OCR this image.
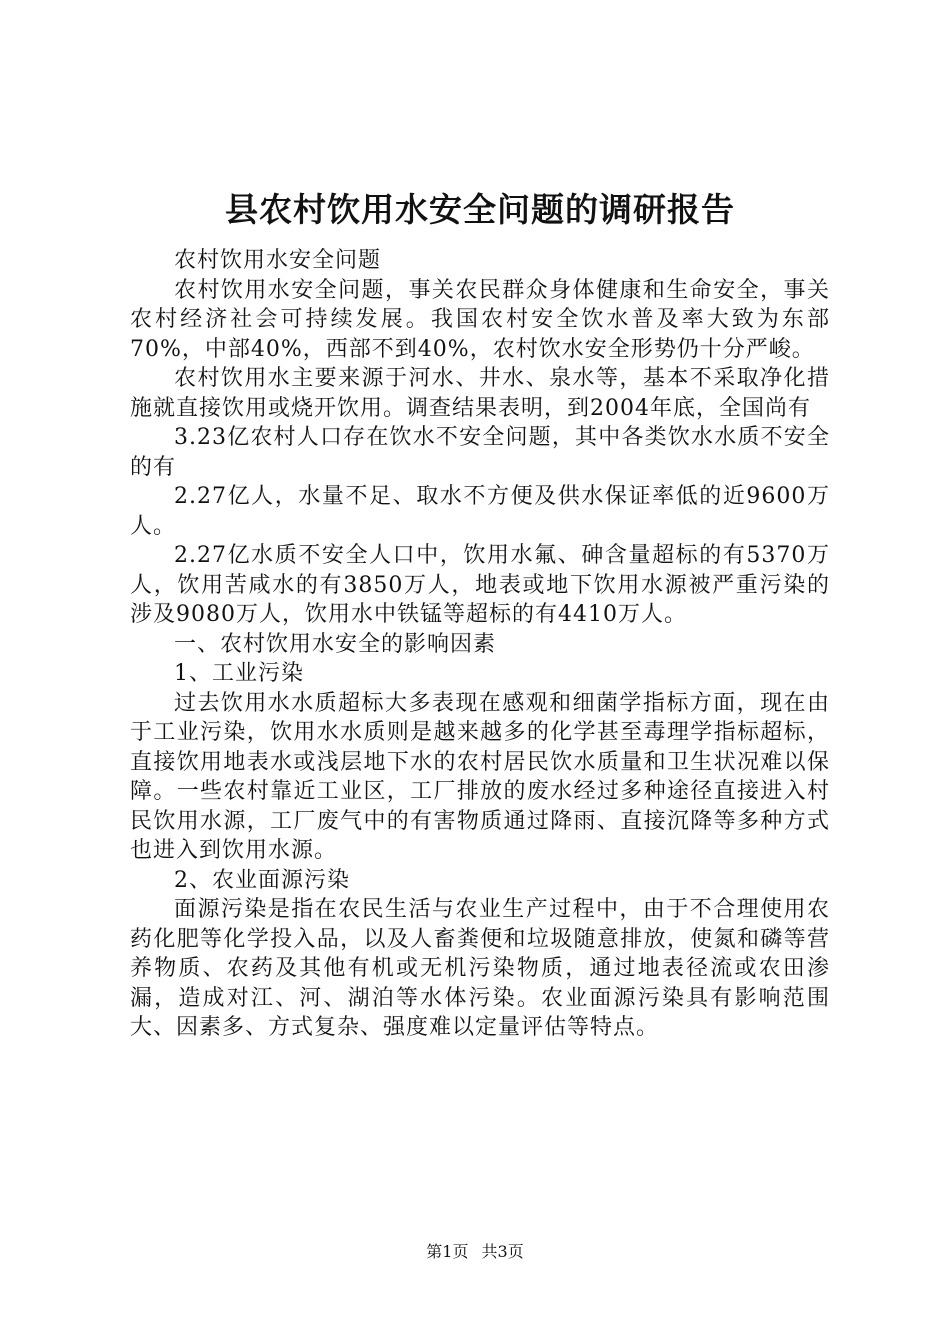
县农村饮用水安全问题的调研报告

农村饮用水安全问题

农村饮用水安全问题，事关农民群众身体健康和生命安全，事关农村经济社会可持续发展。我国农村安全饮水普及率大致为东部70%，中部40%，西部不到40%，农村饮水安全形势仍十分严峻。

农村饮用水主要来源于河水、井水、泉水等，基本不采取净化措施就直接饮用或烧开饮用。调查结果表明，到2004年底，全国尚有

3.23亿农村人口存在饮水不安全问题，其中各类饮水水质不安全的有

2.27亿人，水量不足、取水不方便及供水保证率低的近9600万人。

2.27亿水质不安全人口中，饮用水氟、砷含量超标的有5370万人，饮用苦咸水的有3850万人，地表或地下饮用水源被严重污染的涉及9080万人，饮用水中铁锰等超标的有4410万人。

一、农村饮用水安全的影响因素

1、工业污染

过去饮用水水质超标大多表现在感观和细菌学指标方面，现在由于工业污染，饮用水水质则是越来越多的化学甚至毒理学指标超标，直接饮用地表水或浅层地下水的农村居民饮水质量和卫生状况难以保障。一些农村靠近工业区，工厂排放的废水经过多种途径直接进入村民饮用水源，工厂废气中的有害物质通过降雨、直接沉降等多种方式也进入到饮用水源。

2、农业面源污染

面源污染是指在农民生活与农业生产过程中，由于不合理使用农药化肥等化学投入品，以及人畜粪便和垃圾随意排放，使氮和磷等营养物质、农药及其他有机或无机污染物质，通过地表径流或农田渗漏，造成对江、河、湖泊等水体污染。农业面源污染具有影响范围大、因素多、方式复杂、强度难以定量评估等特点。

第1页 共3页
